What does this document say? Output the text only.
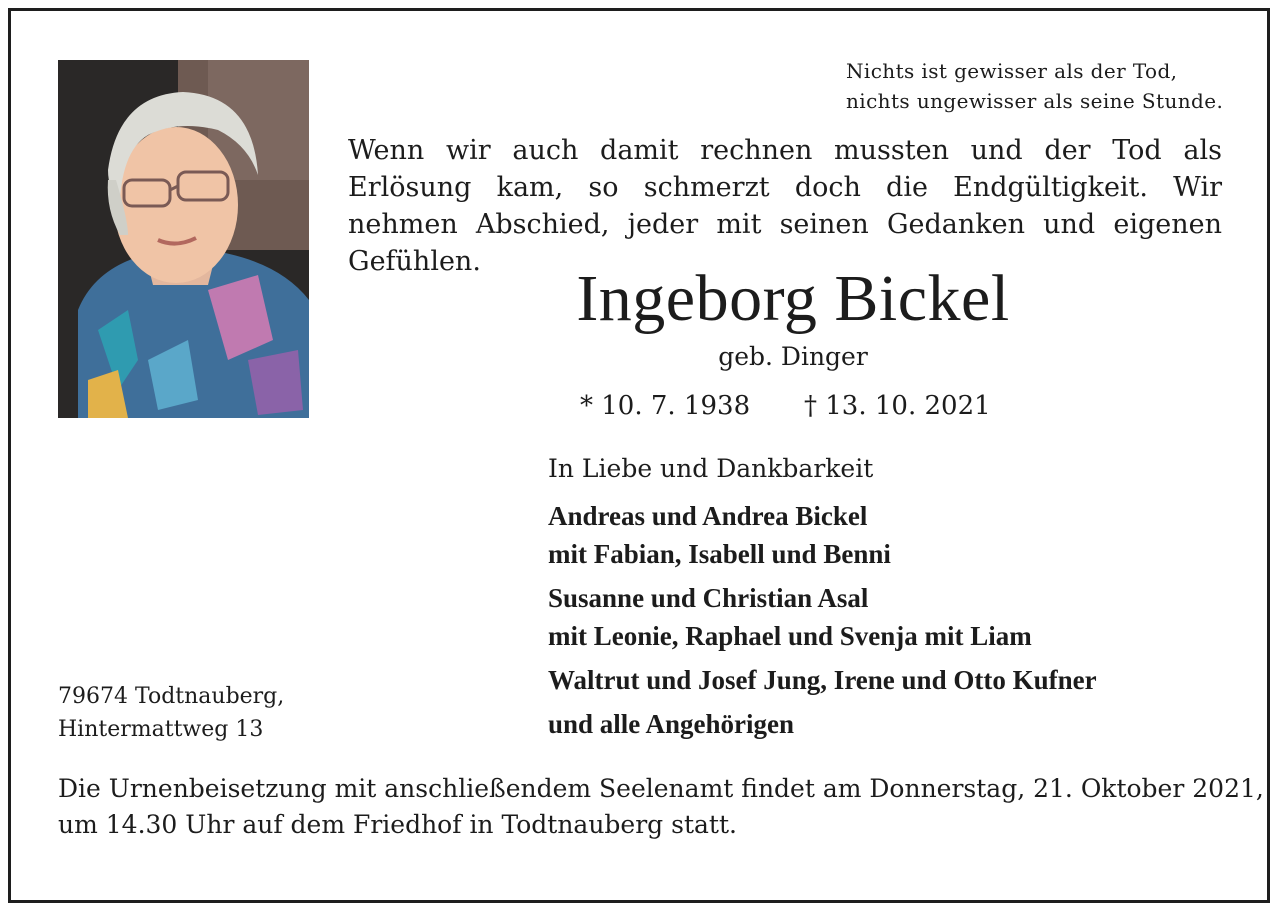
Nichts ist gewisser als der Tod,
nichts ungewisser als seine Stunde.

Wenn wir auch damit rechnen mussten und der Tod als Erlösung kam, so schmerzt doch die Endgültigkeit. Wir nehmen Abschied, jeder mit seinen Gedanken und eigenen Gefühlen.

Ingeborg Bickel
geb. Dinger
* 10. 7. 1938 † 13. 10. 2021
In Liebe und Dankbarkeit
Andreas und Andrea Bickel
mit Fabian, Isabell und Benni
Susanne und Christian Asal
mit Leonie, Raphael und Svenja mit Liam
Waltrut und Josef Jung, Irene und Otto Kufner
und alle Angehörigen
79674 Todtnauberg,
Hintermattweg 13
Die Urnenbeisetzung mit anschließendem Seelenamt findet am Donnerstag, 21. Oktober 2021,
um 14.30 Uhr auf dem Friedhof in Todtnauberg statt.
